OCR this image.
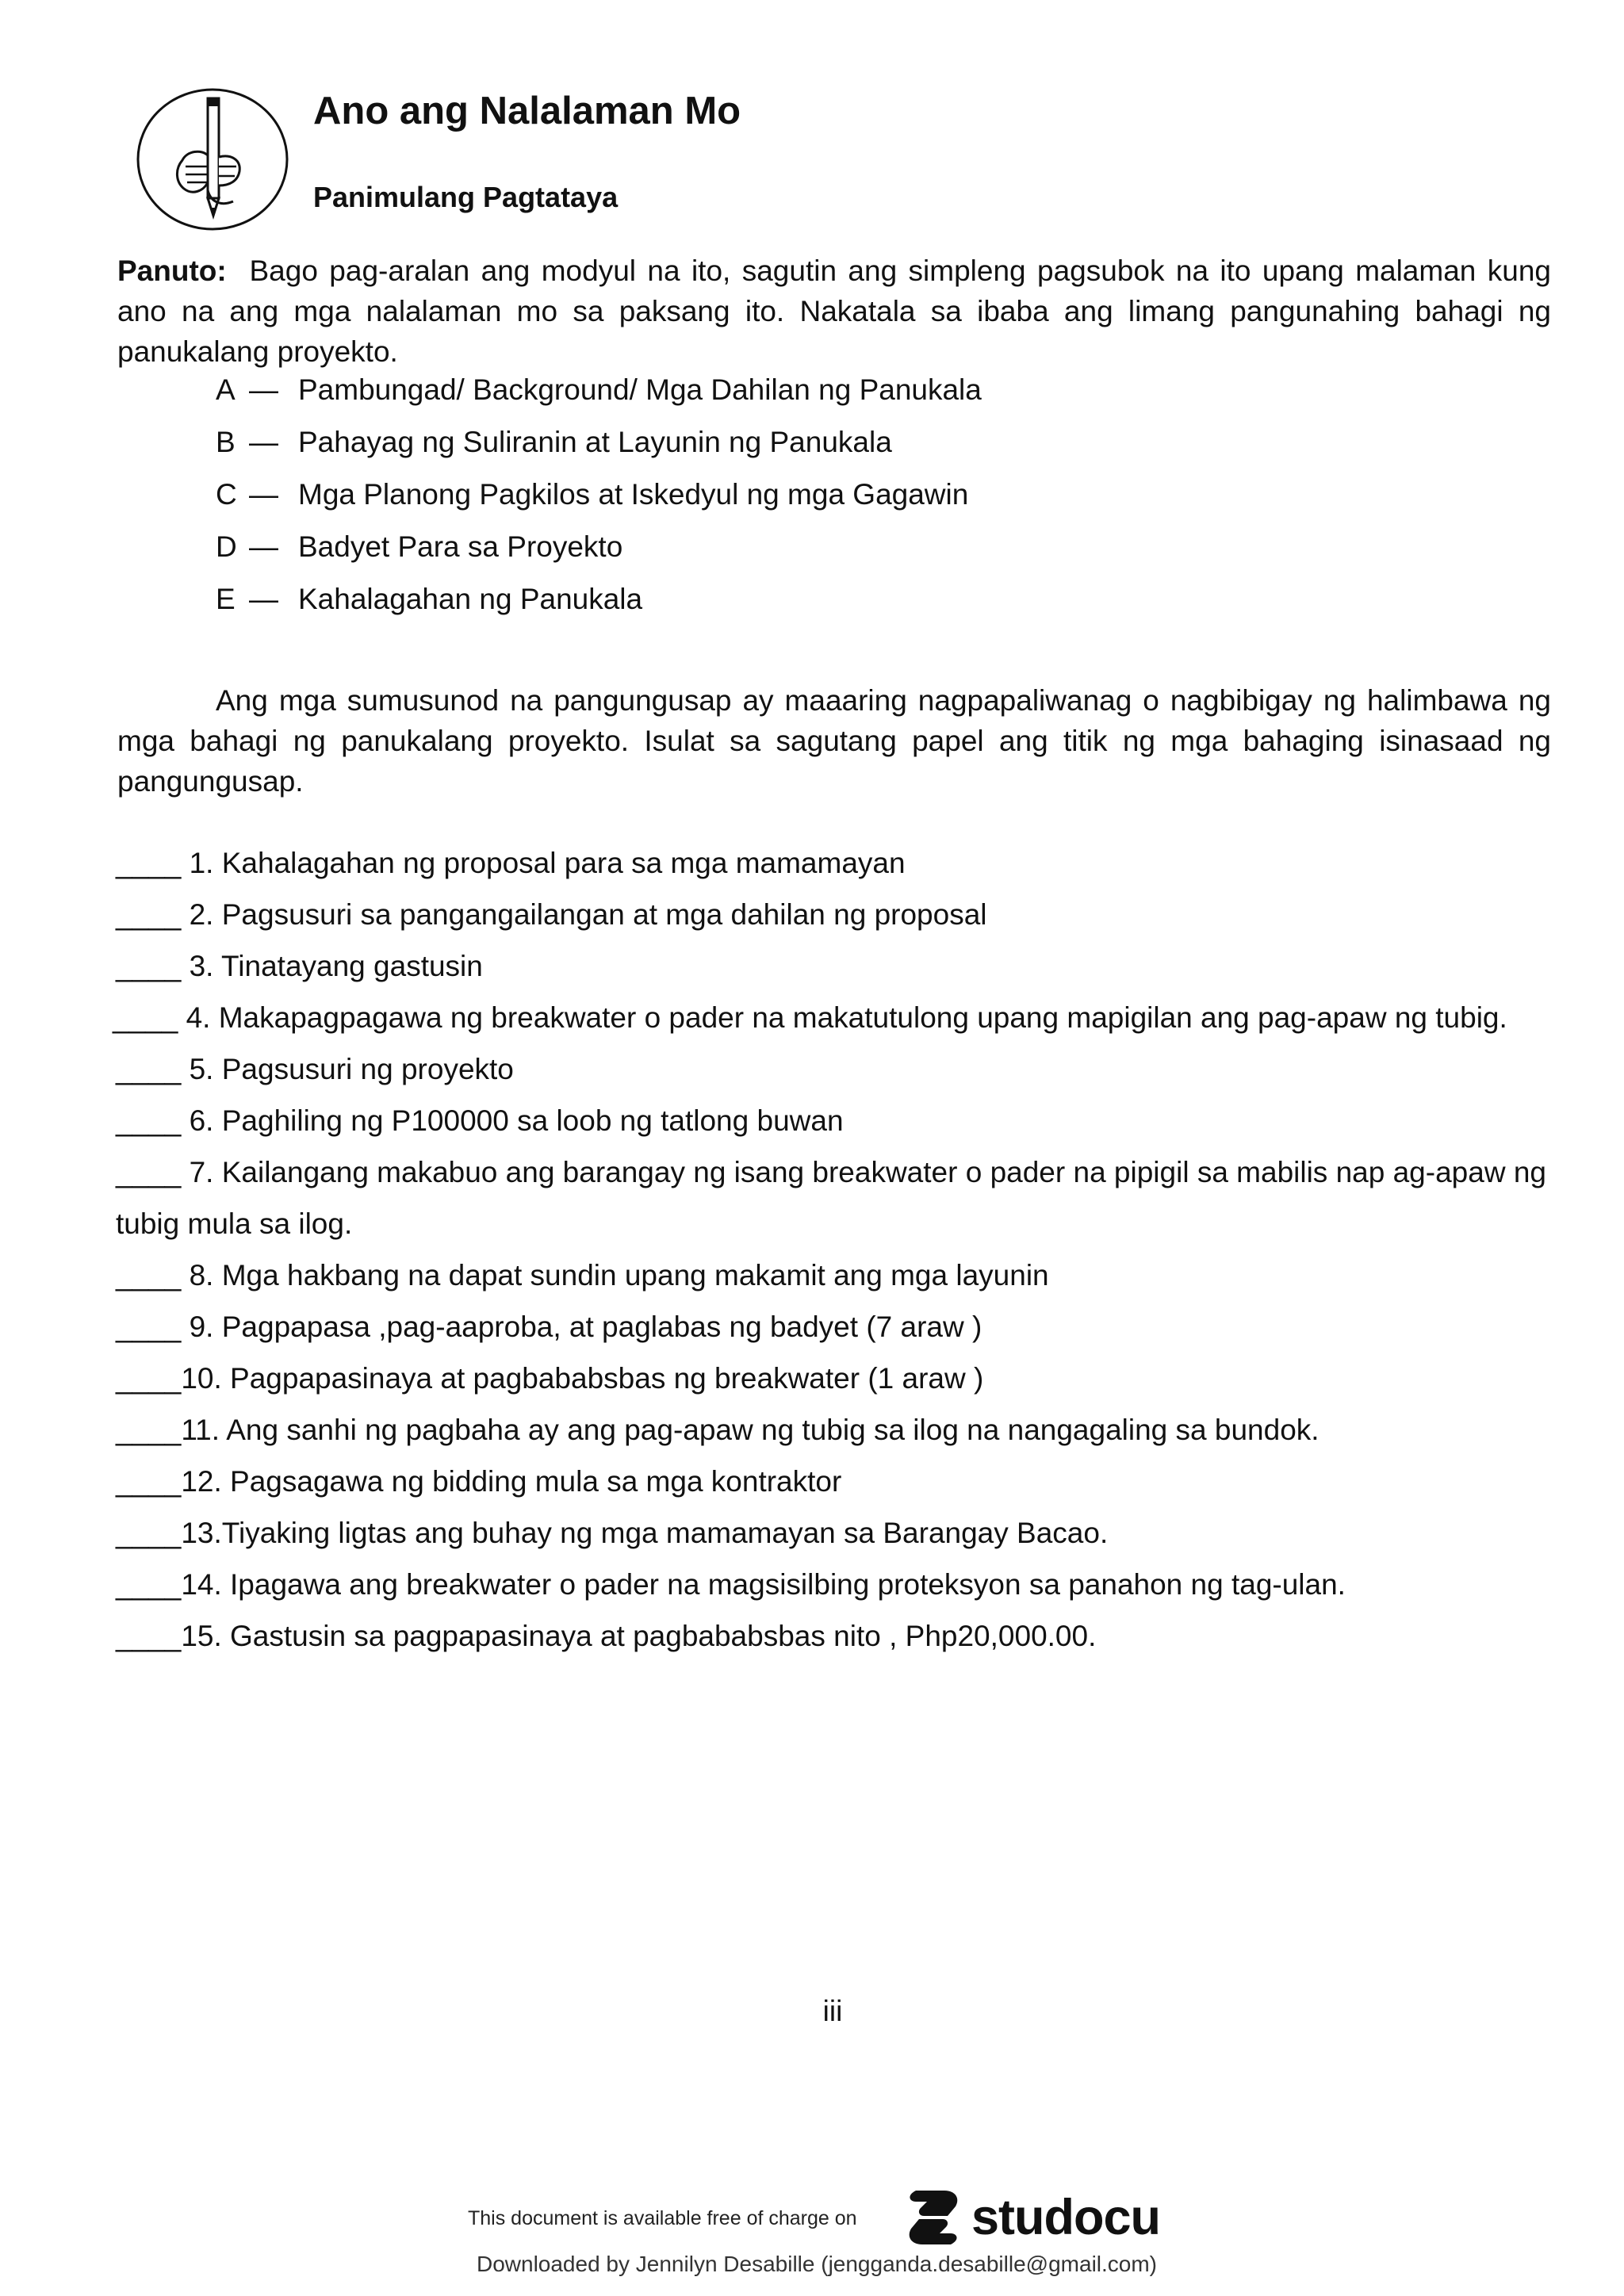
Ano ang Nalalaman Mo
Panimulang Pagtataya

Panuto: Bago pag-aralan ang modyul na ito, sagutin ang simpleng pagsubok na ito upang malaman kung ano na ang mga nalalaman mo sa paksang ito. Nakatala sa ibaba ang limang pangunahing bahagi ng panukalang proyekto.

A — Pambungad/ Background/ Mga Dahilan ng Panukala
B — Pahayag ng Suliranin at Layunin ng Panukala
C — Mga Planong Pagkilos at Iskedyul ng mga Gagawin
D — Badyet Para sa Proyekto
E — Kahalagahan ng Panukala

Ang mga sumusunod na pangungusap ay maaaring nagpapaliwanag o nagbibigay ng halimbawa ng mga bahagi ng panukalang proyekto. Isulat sa sagutang papel ang titik ng mga bahaging isinasaad ng pangungusap.

____ 1. Kahalagahan ng proposal para sa mga mamamayan
____ 2. Pagsusuri sa pangangailangan at mga dahilan ng proposal
____ 3. Tinatayang gastusin
____ 4. Makapagpagawa ng breakwater o pader na makatutulong upang mapigilan ang pag-apaw ng tubig.
____ 5. Pagsusuri ng proyekto
____ 6. Paghiling ng P100000 sa loob ng tatlong buwan
____ 7. Kailangang makabuo ang barangay ng isang breakwater o pader na pipigil sa mabilis nap ag-apaw ng tubig mula sa ilog.
____ 8. Mga hakbang na dapat sundin upang makamit ang mga layunin
____ 9. Pagpapasa ,pag-aaproba, at paglabas ng badyet (7 araw )
____10. Pagpapasinaya at pagbababsbas ng breakwater (1 araw )
____11. Ang sanhi ng pagbaha ay ang pag-apaw ng tubig sa ilog na nangagaling sa bundok.
____12. Pagsagawa ng bidding mula sa mga kontraktor
____13.Tiyaking ligtas ang buhay ng mga mamamayan sa Barangay Bacao.
____14. Ipagawa ang breakwater o pader na magsisilbing proteksyon sa panahon ng tag-ulan.
____15. Gastusin sa pagpapasinaya at pagbababsbas nito , Php20,000.00.
iii
This document is available free of charge on studocu
Downloaded by Jennilyn Desabille (jengganda.desabille@gmail.com)
